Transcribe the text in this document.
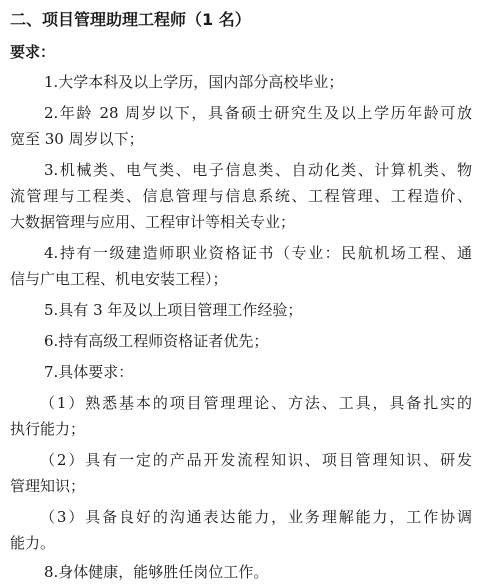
二、项目管理助理工程师（1 名）
要求：
1.大学本科及以上学历，国内部分高校毕业；
2.年龄 28 周岁以下，具备硕士研究生及以上学历年龄可放
宽至 30 周岁以下；
3.机械类、电气类、电子信息类、自动化类、计算机类、物
流管理与工程类、信息管理与信息系统、工程管理、工程造价、
大数据管理与应用、工程审计等相关专业；
4.持有一级建造师职业资格证书（专业：民航机场工程、通
信与广电工程、机电安装工程）；
5.具有 3 年及以上项目管理工作经验；
6.持有高级工程师资格证者优先；
7.具体要求：
（1）熟悉基本的项目管理理论、方法、工具，具备扎实的
执行能力；
（2）具有一定的产品开发流程知识、项目管理知识、研发
管理知识；
（3）具备良好的沟通表达能力，业务理解能力，工作协调
能力。
8.身体健康，能够胜任岗位工作。
